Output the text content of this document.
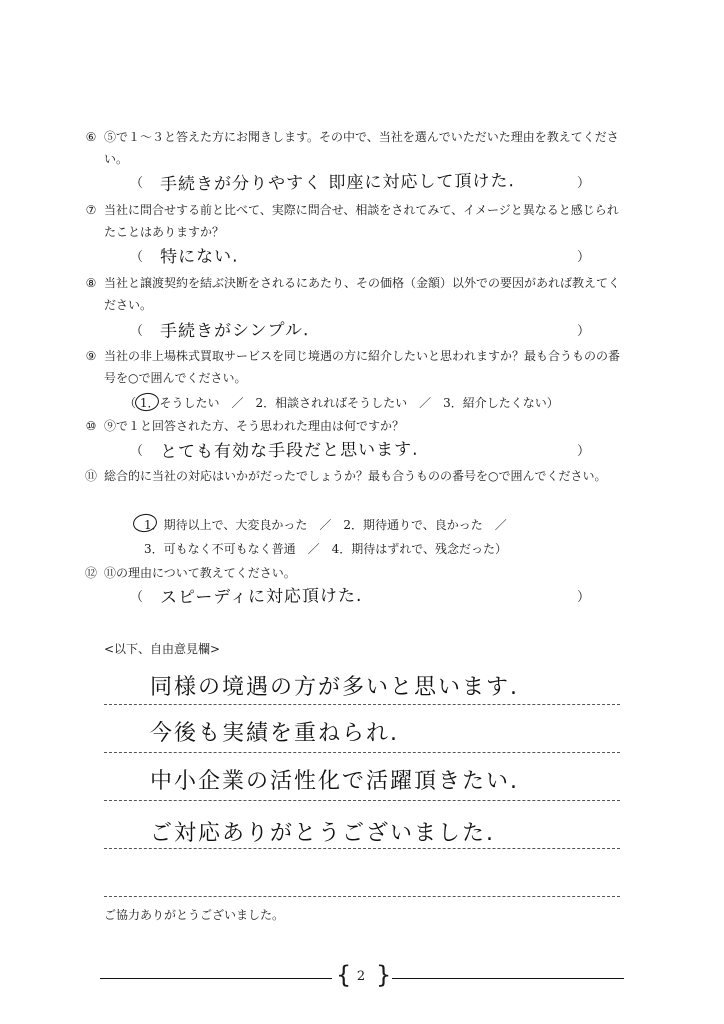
⑥ ⑤で１～３と答えた方にお聞きします。その中で、当社を選んでいただいた理由を教えてください。
（ 手続きが分りやすく 即座に対応して頂けた.	）
⑦ 当社に問合せする前と比べて、実際に問合せ、相談をされてみて、イメージと異なると感じられたことはありますか？
（ 特にない.	）
⑧ 当社と譲渡契約を結ぶ決断をされるにあたり、その価格（金額）以外での要因があれば教えてください。
（ 手続きがシンプル.	）
⑨ 当社の非上場株式買取サービスを同じ境遇の方に紹介したいと思われますか？最も合うものの番号を○で囲んでください。
（ 1．そうしたい　／　2．相談されればそうしたい　／　3．紹介したくない）
⑩ ⑨で１と回答された方、そう思われた理由は何ですか？
（ とても有効な手段だと思います.	）
⑪ 総合的に当社の対応はいかがだったでしょうか？最も合うものの番号を○で囲んでください。
1．期待以上で、大変良かった　／　2．期待通りで、良かった　／
3．可もなく不可もなく普通　／　4．期待はずれで、残念だった）
⑫ ⑪の理由について教えてください。
（ スピーディに対応頂けた.	）
<以下、自由意見欄>
同様の境遇の方が多いと思います.
今後も実績を重ねられ.
中小企業の活性化で活躍頂きたい.
ご対応ありがとうございました.
ご協力ありがとうございました。
{ 2 }
